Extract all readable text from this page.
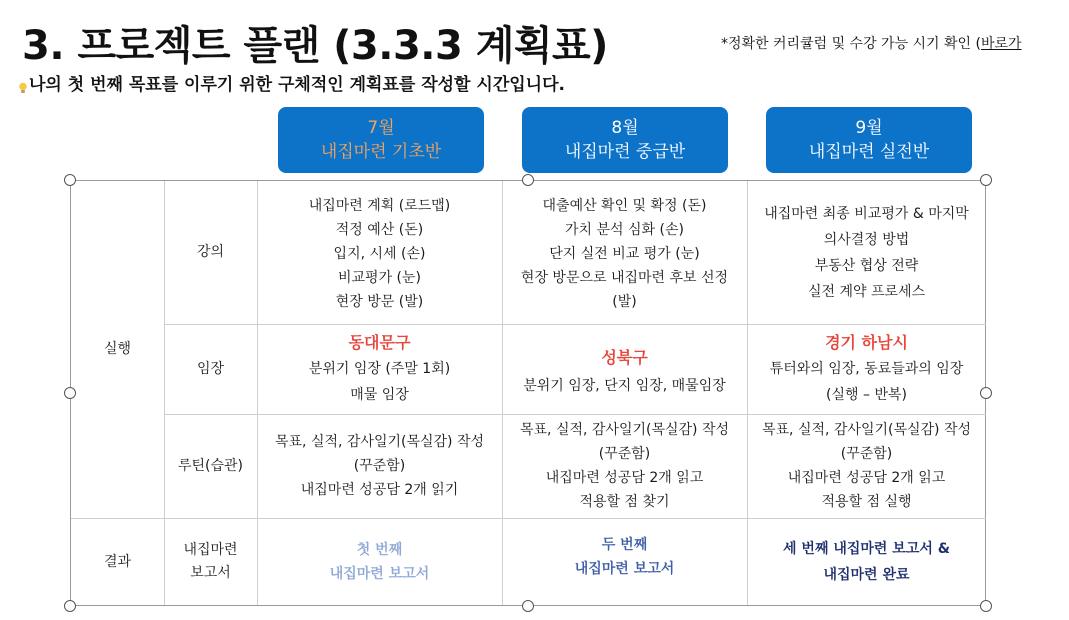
3. 프로젝트 플랜 (3.3.3 계획표)	*정확한 커리큘럼 및 수강 가능 시기 확인 (바로가
나의 첫 번째 목표를 이루기 위한 구체적인 계획표를 작성할 시간입니다.
7월
내집마련 기초반
8월
내집마련 중급반
9월
내집마련 실전반
실행
결과
강의
임장
루틴(습관)
내집마련
보고서
내집마련 계획 (로드맵)
적정 예산 (돈)
입지, 시세 (손)
비교평가 (눈)
현장 방문 (발)
대출예산 확인 및 확정 (돈)
가치 분석 심화 (손)
단지 실전 비교 평가 (눈)
현장 방문으로 내집마련 후보 선정
(발)
내집마련 최종 비교평가 & 마지막
의사결정 방법
부동산 협상 전략
실전 계약 프로세스
동대문구
분위기 임장 (주말 1회)
매물 임장
성북구
분위기 임장, 단지 임장, 매물임장
경기 하남시
튜터와의 임장, 동료들과의 임장
(실행 – 반복)
목표, 실적, 감사일기(목실감) 작성
(꾸준함)
내집마련 성공담 2개 읽기
목표, 실적, 감사일기(목실감) 작성
(꾸준함)
내집마련 성공담 2개 읽고
적용할 점 찾기
목표, 실적, 감사일기(목실감) 작성
(꾸준함)
내집마련 성공담 2개 읽고
적용할 점 실행
첫 번째
내집마련 보고서
두 번째
내집마련 보고서
세 번째 내집마련 보고서 &
내집마련 완료
